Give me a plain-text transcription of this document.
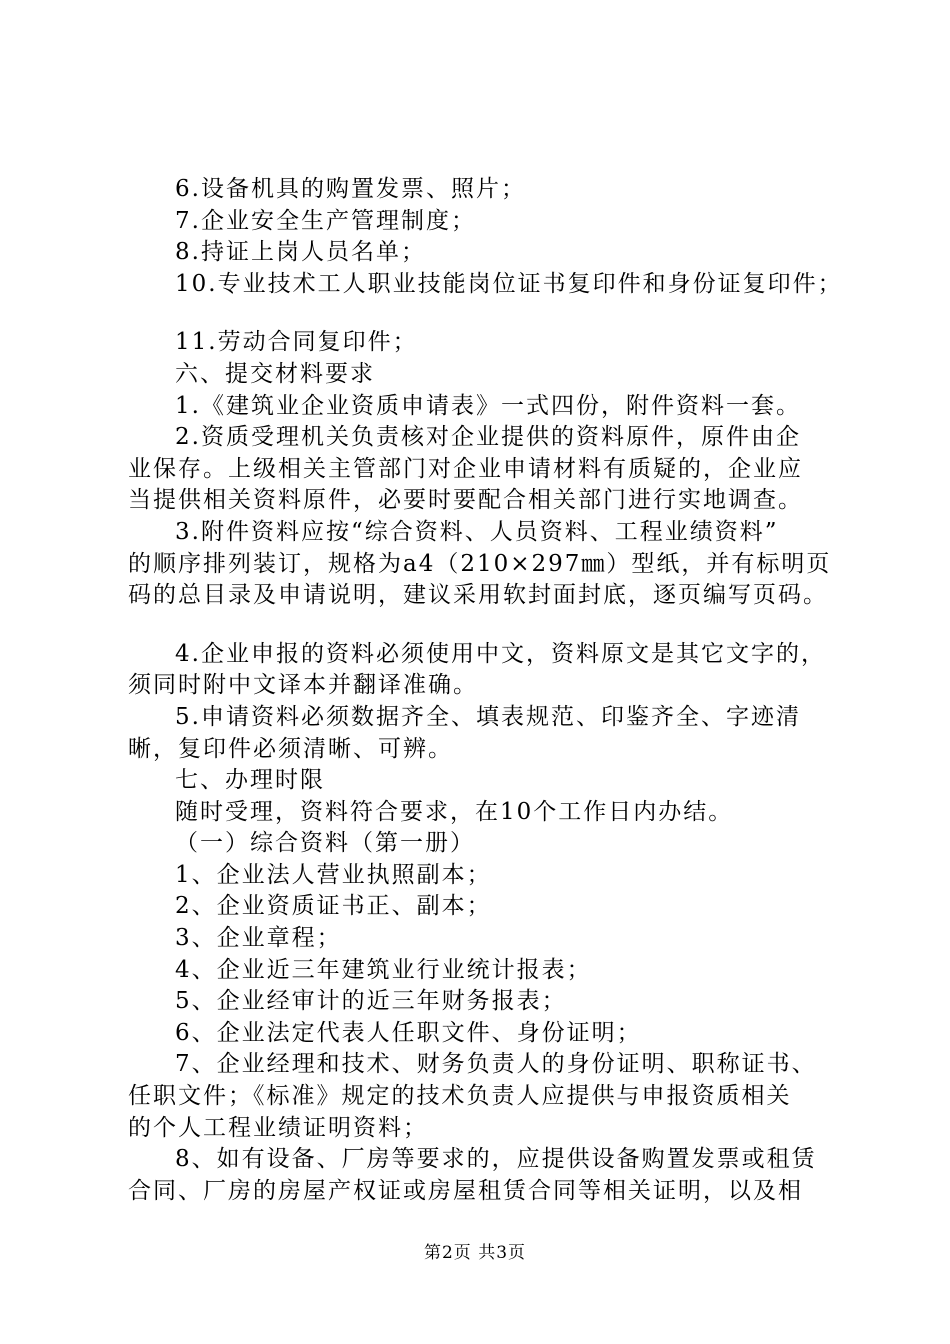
6.设备机具的购置发票、照片；
7.企业安全生产管理制度；
8.持证上岗人员名单；
10.专业技术工人职业技能岗位证书复印件和身份证复印件；
11.劳动合同复印件；
六、提交材料要求
1.《建筑业企业资质申请表》一式四份，附件资料一套。
2.资质受理机关负责核对企业提供的资料原件，原件由企
业保存。上级相关主管部门对企业申请材料有质疑的，企业应
当提供相关资料原件，必要时要配合相关部门进行实地调查。
3.附件资料应按“综合资料、人员资料、工程业绩资料”
的顺序排列装订，规格为a4（210×297㎜）型纸，并有标明页
码的总目录及申请说明，建议采用软封面封底，逐页编写页码。
4.企业申报的资料必须使用中文，资料原文是其它文字的，
须同时附中文译本并翻译准确。
5.申请资料必须数据齐全、填表规范、印鉴齐全、字迹清
晰，复印件必须清晰、可辨。
七、办理时限
随时受理，资料符合要求，在10个工作日内办结。
（一）综合资料（第一册）
1、企业法人营业执照副本；
2、企业资质证书正、副本；
3、企业章程；
4、企业近三年建筑业行业统计报表；
5、企业经审计的近三年财务报表；
6、企业法定代表人任职文件、身份证明；
7、企业经理和技术、财务负责人的身份证明、职称证书、
任职文件；《标准》规定的技术负责人应提供与申报资质相关
的个人工程业绩证明资料；
8、如有设备、厂房等要求的，应提供设备购置发票或租赁
合同、厂房的房屋产权证或房屋租赁合同等相关证明，以及相
第2页 共3页
